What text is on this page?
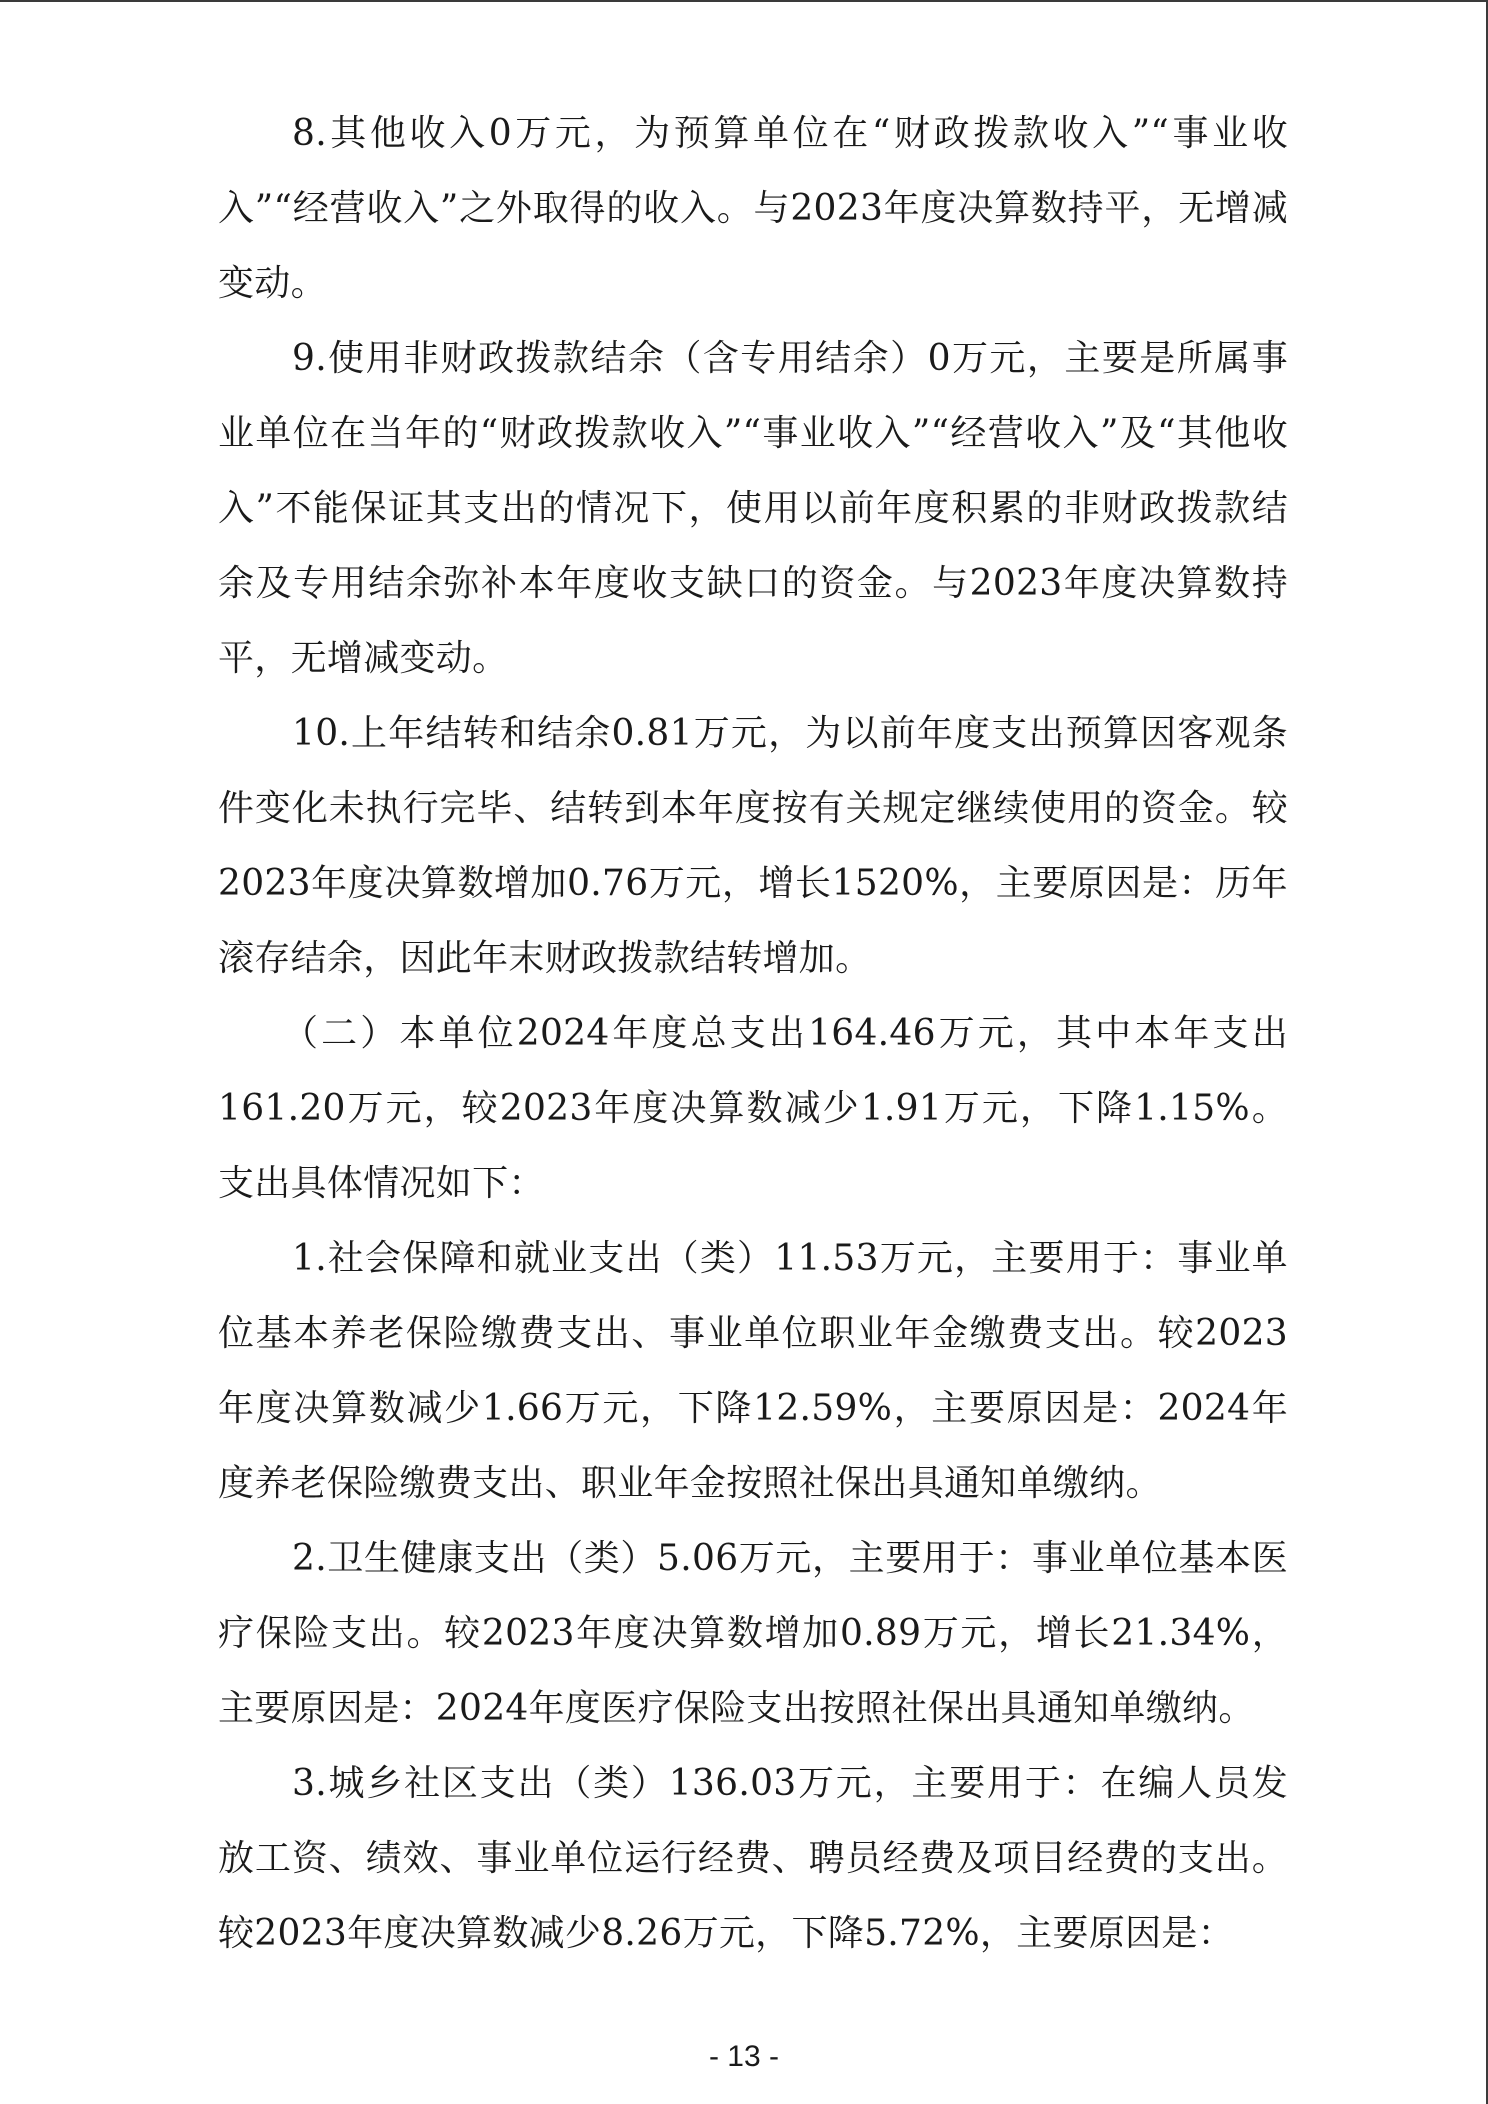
8.其他收入0万元，为预算单位在“财政拨款收入”“事业收入”“经营收入”之外取得的收入。与2023年度决算数持平，无增减变动。

9.使用非财政拨款结余（含专用结余）0万元，主要是所属事业单位在当年的“财政拨款收入”“事业收入”“经营收入”及“其他收入”不能保证其支出的情况下，使用以前年度积累的非财政拨款结余及专用结余弥补本年度收支缺口的资金。与2023年度决算数持平，无增减变动。

10.上年结转和结余0.81万元，为以前年度支出预算因客观条件变化未执行完毕、结转到本年度按有关规定继续使用的资金。较2023年度决算数增加0.76万元，增长1520%，主要原因是：历年滚存结余，因此年末财政拨款结转增加。

（二）本单位2024年度总支出164.46万元，其中本年支出161.20万元，较2023年度决算数减少1.91万元，下降1.15%。支出具体情况如下：

1.社会保障和就业支出（类）11.53万元，主要用于：事业单位基本养老保险缴费支出、事业单位职业年金缴费支出。较2023年度决算数减少1.66万元，下降12.59%，主要原因是：2024年度养老保险缴费支出、职业年金按照社保出具通知单缴纳。

2.卫生健康支出（类）5.06万元，主要用于：事业单位基本医疗保险支出。较2023年度决算数增加0.89万元，增长21.34%，主要原因是：2024年度医疗保险支出按照社保出具通知单缴纳。

3.城乡社区支出（类）136.03万元，主要用于：在编人员发放工资、绩效、事业单位运行经费、聘员经费及项目经费的支出。较2023年度决算数减少8.26万元，下降5.72%，主要原因是：

- 13 -
